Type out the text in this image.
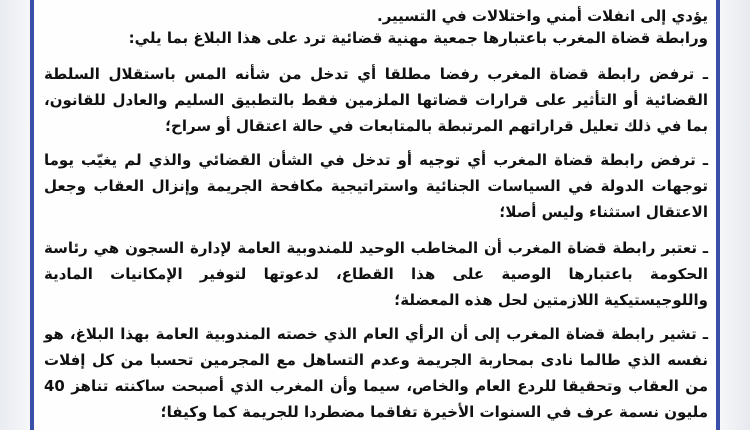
يؤدي إلى انفلات أمني واختلالات في التسيير.

ورابطة قضاة المغرب باعتبارها جمعية مهنية قضائية ترد على هذا البلاغ بما يلي:

ـ ترفض رابطة قضاة المغرب رفضا مطلقا أي تدخل من شأنه المس باستقلال السلطة القضائية أو التأثير على قرارات قضاتها الملزمين فقط بالتطبيق السليم والعادل للقانون، بما في ذلك تعليل قراراتهم المرتبطة بالمتابعات في حالة اعتقال أو سراح؛

ـ ترفض رابطة قضاة المغرب أي توجيه أو تدخل في الشأن القضائي والذي لم يغيّب يوما توجهات الدولة في السياسات الجنائية واستراتيجية مكافحة الجريمة وإنزال العقاب وجعل الاعتقال استثناء وليس أصلا؛

ـ تعتبر رابطة قضاة المغرب أن المخاطب الوحيد للمندوبية العامة لإدارة السجون هي رئاسة الحكومة باعتبارها الوصية على هذا القطاع، لدعوتها لتوفير الإمكانيات المادية واللوجيستيكية اللازمتين لحل هذه المعضلة؛

ـ تشير رابطة قضاة المغرب إلى أن الرأي العام الذي خصته المندوبية العامة بهذا البلاغ، هو نفسه الذي طالما نادى بمحاربة الجريمة وعدم التساهل مع المجرمين تحسبا من كل إفلات من العقاب وتحقيقا للردع العام والخاص، سيما وأن المغرب الذي أصبحت ساكنته تناهز 40 مليون نسمة عرف في السنوات الأخيرة تفاقما مضطردا للجريمة كما وكيفا؛
